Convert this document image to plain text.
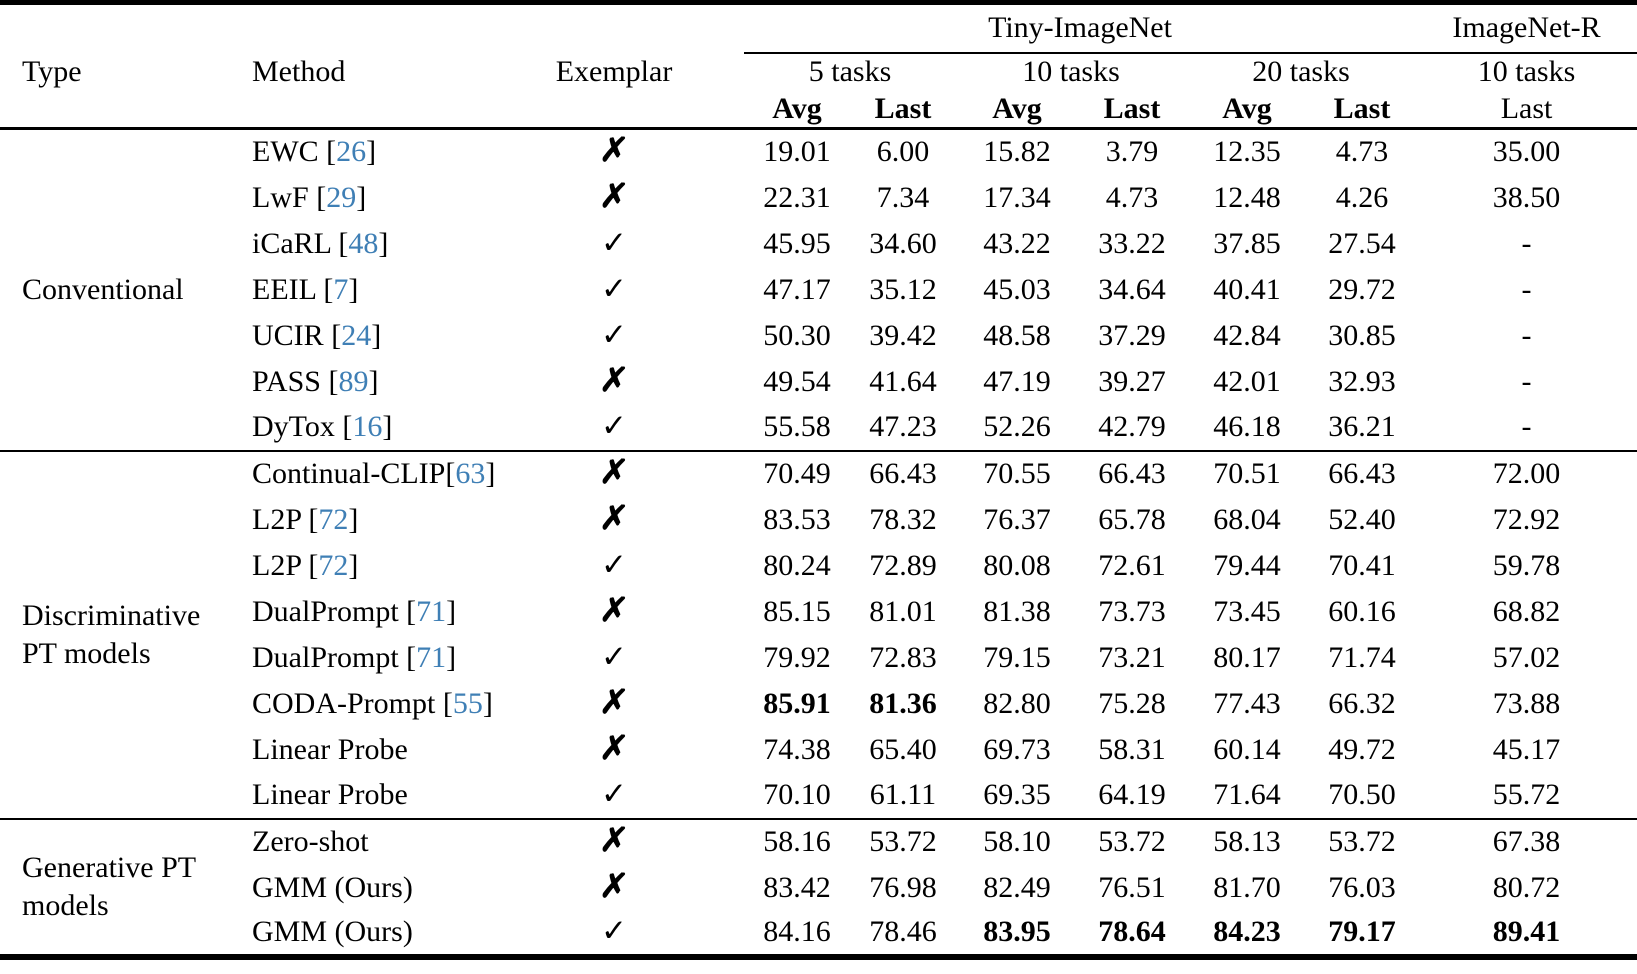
			Tiny-ImageNet						ImageNet-R
Type	Method	Exemplar	5 tasks		10 tasks		20 tasks		10 tasks
			Avg	Last	Avg	Last	Avg	Last	Last
Conventional	EWC [26]	✗	19.01	6.00	15.82	3.79	12.35	4.73	35.00
	LwF [29]	✗	22.31	7.34	17.34	4.73	12.48	4.26	38.50
	iCaRL [48]	✓	45.95	34.60	43.22	33.22	37.85	27.54	-
	EEIL [7]	✓	47.17	35.12	45.03	34.64	40.41	29.72	-
	UCIR [24]	✓	50.30	39.42	48.58	37.29	42.84	30.85	-
	PASS [89]	✗	49.54	41.64	47.19	39.27	42.01	32.93	-
	DyTox [16]	✓	55.58	47.23	52.26	42.79	46.18	36.21	-
Discriminative PT models	Continual-CLIP[63]	✗	70.49	66.43	70.55	66.43	70.51	66.43	72.00
	L2P [72]	✗	83.53	78.32	76.37	65.78	68.04	52.40	72.92
	L2P [72]	✓	80.24	72.89	80.08	72.61	79.44	70.41	59.78
	DualPrompt [71]	✗	85.15	81.01	81.38	73.73	73.45	60.16	68.82
	DualPrompt [71]	✓	79.92	72.83	79.15	73.21	80.17	71.74	57.02
	CODA-Prompt [55]	✗	85.91	81.36	82.80	75.28	77.43	66.32	73.88
	Linear Probe	✗	74.38	65.40	69.73	58.31	60.14	49.72	45.17
	Linear Probe	✓	70.10	61.11	69.35	64.19	71.64	70.50	55.72
Generative PT models	Zero-shot	✗	58.16	53.72	58.10	53.72	58.13	53.72	67.38
	GMM (Ours)	✗	83.42	76.98	82.49	76.51	81.70	76.03	80.72
	GMM (Ours)	✓	84.16	78.46	83.95	78.64	84.23	79.17	89.41
